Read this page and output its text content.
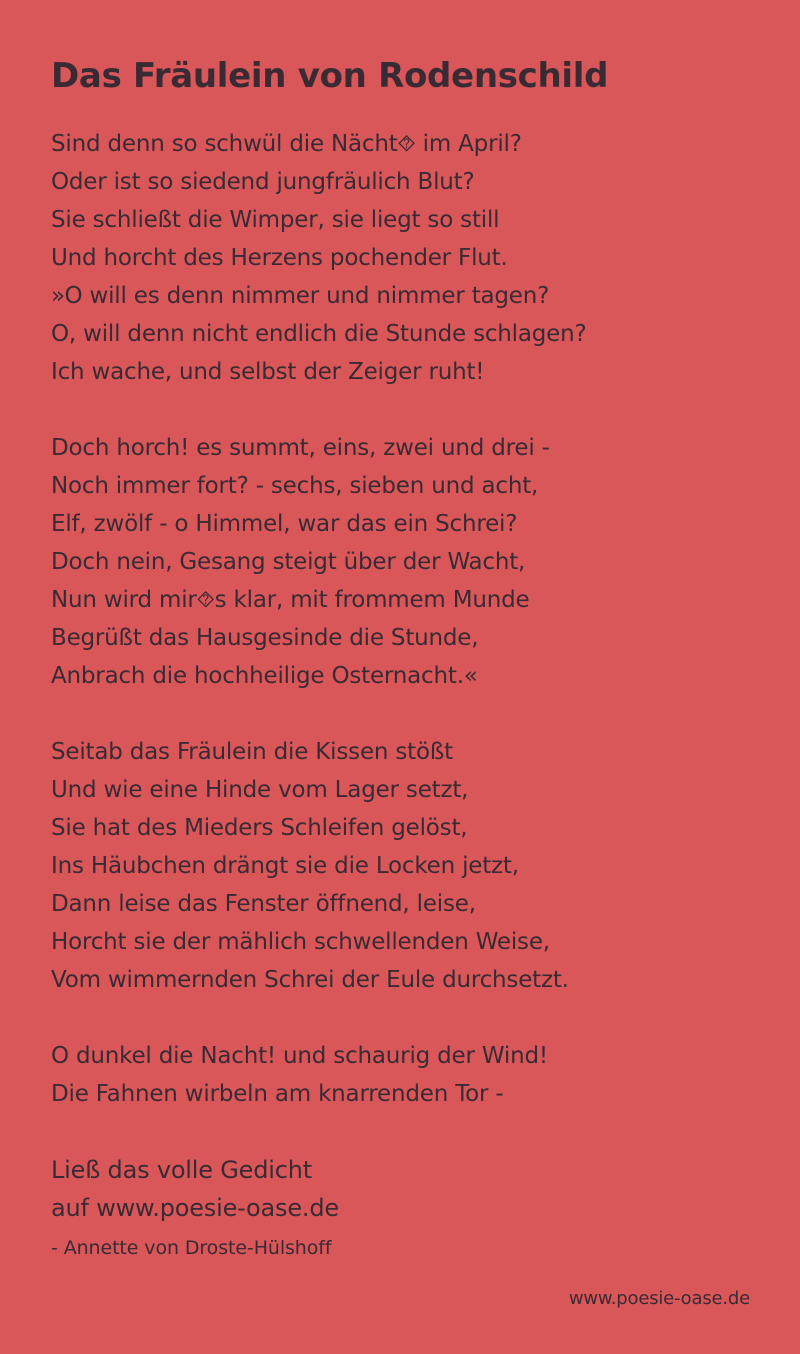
Das Fräulein von Rodenschild
Sind denn so schwül die Nächt⯑ im April?
Oder ist so siedend jungfräulich Blut?
Sie schließt die Wimper, sie liegt so still
Und horcht des Herzens pochender Flut.
»O will es denn nimmer und nimmer tagen?
O, will denn nicht endlich die Stunde schlagen?
Ich wache, und selbst der Zeiger ruht!
Doch horch! es summt, eins, zwei und drei -
Noch immer fort? - sechs, sieben und acht,
Elf, zwölf - o Himmel, war das ein Schrei?
Doch nein, Gesang steigt über der Wacht,
Nun wird mir⯑s klar, mit frommem Munde
Begrüßt das Hausgesinde die Stunde,
Anbrach die hochheilige Osternacht.«
Seitab das Fräulein die Kissen stößt
Und wie eine Hinde vom Lager setzt,
Sie hat des Mieders Schleifen gelöst,
Ins Häubchen drängt sie die Locken jetzt,
Dann leise das Fenster öffnend, leise,
Horcht sie der mählich schwellenden Weise,
Vom wimmernden Schrei der Eule durchsetzt.
O dunkel die Nacht! und schaurig der Wind!
Die Fahnen wirbeln am knarrenden Tor -
Ließ das volle Gedicht
auf www.poesie-oase.de
- Annette von Droste-Hülshoff
www.poesie-oase.de
